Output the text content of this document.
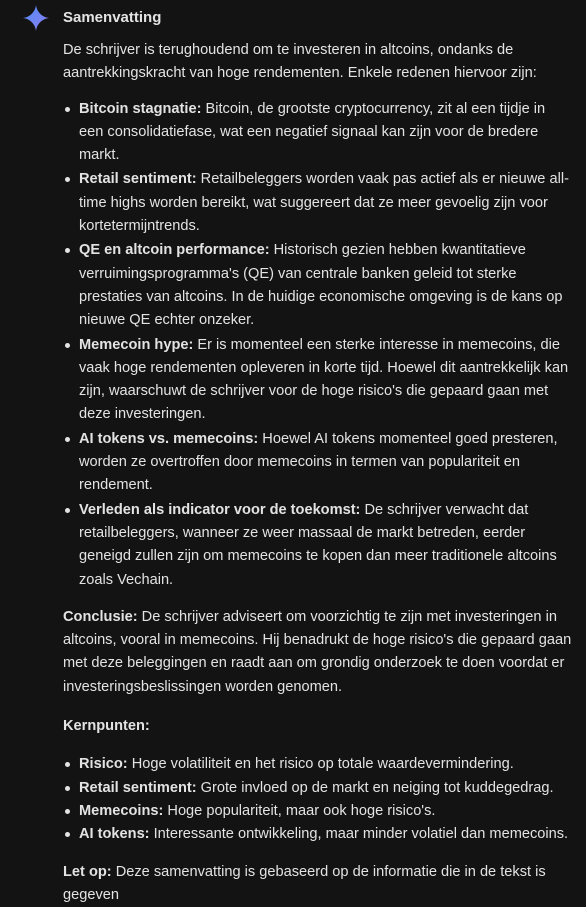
Samenvatting

De schrijver is terughoudend om te investeren in altcoins, ondanks de aantrekkingskracht van hoge rendementen. Enkele redenen hiervoor zijn:

Bitcoin stagnatie: Bitcoin, de grootste cryptocurrency, zit al een tijdje in een consolidatiefase, wat een negatief signaal kan zijn voor de bredere markt.
Retail sentiment: Retailbeleggers worden vaak pas actief als er nieuwe all-time highs worden bereikt, wat suggereert dat ze meer gevoelig zijn voor kortetermijntrends.
QE en altcoin performance: Historisch gezien hebben kwantitatieve verruimingsprogramma's (QE) van centrale banken geleid tot sterke prestaties van altcoins. In de huidige economische omgeving is de kans op nieuwe QE echter onzeker.
Memecoin hype: Er is momenteel een sterke interesse in memecoins, die vaak hoge rendementen opleveren in korte tijd. Hoewel dit aantrekkelijk kan zijn, waarschuwt de schrijver voor de hoge risico's die gepaard gaan met deze investeringen.
AI tokens vs. memecoins: Hoewel AI tokens momenteel goed presteren, worden ze overtroffen door memecoins in termen van populariteit en rendement.
Verleden als indicator voor de toekomst: De schrijver verwacht dat retailbeleggers, wanneer ze weer massaal de markt betreden, eerder geneigd zullen zijn om memecoins te kopen dan meer traditionele altcoins zoals Vechain.

Conclusie: De schrijver adviseert om voorzichtig te zijn met investeringen in altcoins, vooral in memecoins. Hij benadrukt de hoge risico's die gepaard gaan met deze beleggingen en raadt aan om grondig onderzoek te doen voordat er investeringsbeslissingen worden genomen.

Kernpunten:

Risico: Hoge volatiliteit en het risico op totale waardevermindering.
Retail sentiment: Grote invloed op de markt en neiging tot kuddegedrag.
Memecoins: Hoge populariteit, maar ook hoge risico's.
AI tokens: Interessante ontwikkeling, maar minder volatiel dan memecoins.

Let op: Deze samenvatting is gebaseerd op de informatie die in de tekst is gegeven
